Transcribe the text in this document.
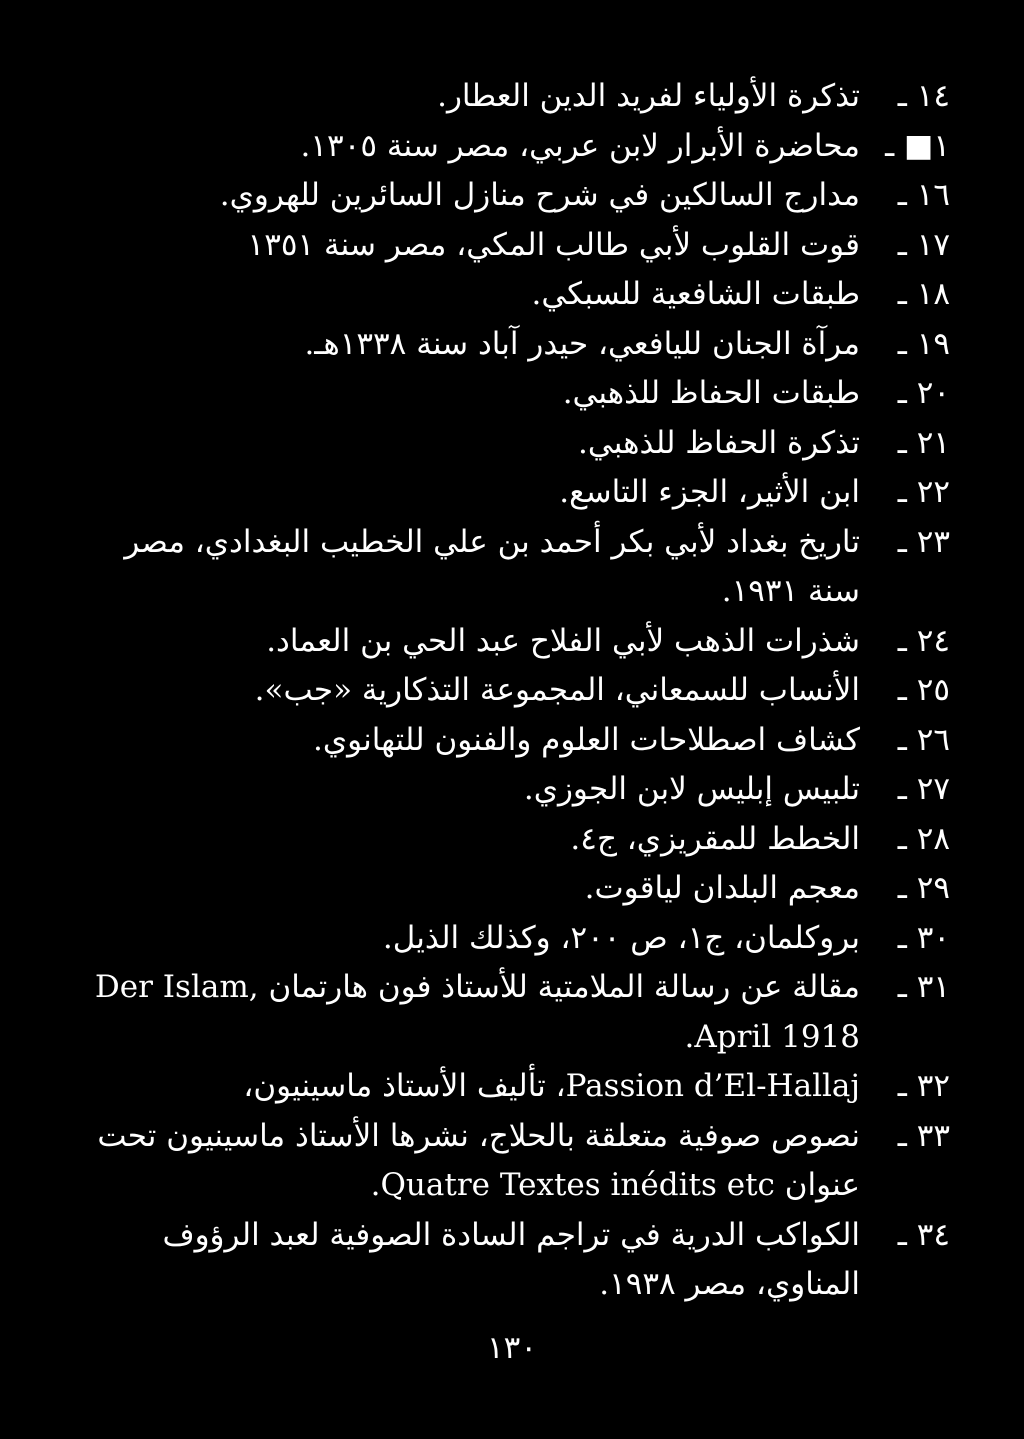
١٤ ـ
تذكرة الأولياء لفريد الدين العطار.
١■ ـ
محاضرة الأبرار لابن عربي، مصر سنة ١٣٠٥.
١٦ ـ
مدارج السالكين في شرح منازل السائرين للهروي.
١٧ ـ
قوت القلوب لأبي طالب المكي، مصر سنة ١٣٥١
١٨ ـ
طبقات الشافعية للسبكي.
١٩ ـ
مرآة الجنان لليافعي، حيدر آباد سنة ١٣٣٨هـ.
٢٠ ـ
طبقات الحفاظ للذهبي.
٢١ ـ
تذكرة الحفاظ للذهبي.
٢٢ ـ
ابن الأثير، الجزء التاسع.
٢٣ ـ
تاريخ بغداد لأبي بكر أحمد بن علي الخطيب البغدادي، مصر سنة ١٩٣١.
٢٤ ـ
شذرات الذهب لأبي الفلاح عبد الحي بن العماد.
٢٥ ـ
الأنساب للسمعاني، المجموعة التذكارية «جب».
٢٦ ـ
كشاف اصطلاحات العلوم والفنون للتهانوي.
٢٧ ـ
تلبيس إبليس لابن الجوزي.
٢٨ ـ
الخطط للمقريزي، ج٤.
٢٩ ـ
معجم البلدان لياقوت.
٣٠ ـ
بروكلمان، ج١، ص ٢٠٠، وكذلك الذيل.
٣١ ـ
مقالة عن رسالة الملامتية للأستاذ فون هارتمان Der Islam, April 1918.
٣٢ ـ
Passion d’El-Hallaj، تأليف الأستاذ ماسينيون،
٣٣ ـ
نصوص صوفية متعلقة بالحلاج، نشرها الأستاذ ماسينيون تحت عنوان Quatre Textes inédits etc.
٣٤ ـ
الكواكب الدرية في تراجم السادة الصوفية لعبد الرؤوف المناوي، مصر ١٩٣٨.
١٣٠
